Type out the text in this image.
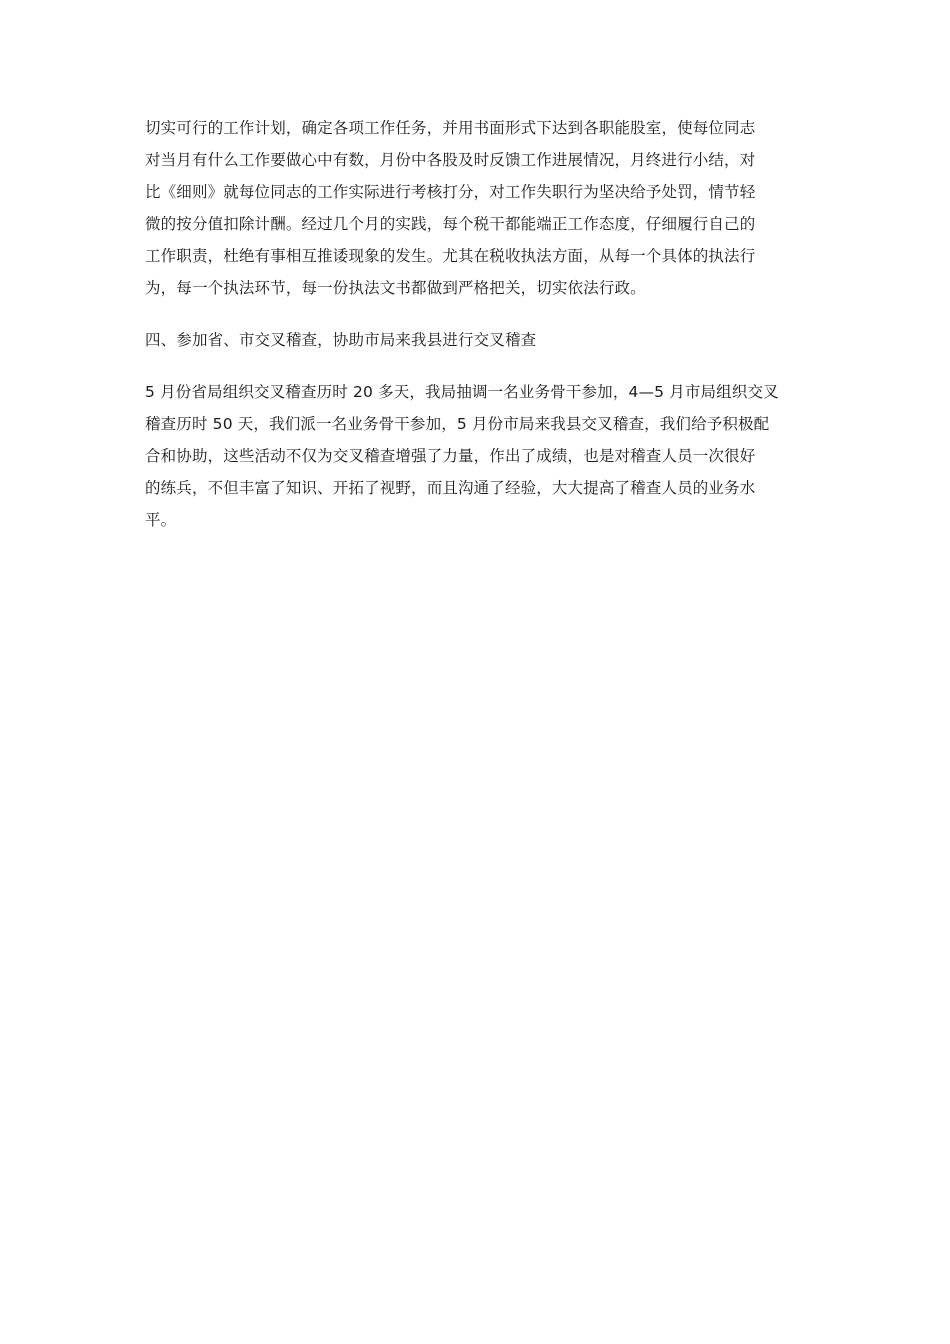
切实可行的工作计划，确定各项工作任务，并用书面形式下达到各职能股室，使每位同志
对当月有什么工作要做心中有数，月份中各股及时反馈工作进展情况，月终进行小结，对
比《细则》就每位同志的工作实际进行考核打分，对工作失职行为坚决给予处罚，情节轻
微的按分值扣除计酬。经过几个月的实践，每个税干都能端正工作态度，仔细履行自己的
工作职责，杜绝有事相互推诿现象的发生。尤其在税收执法方面，从每一个具体的执法行
为，每一个执法环节，每一份执法文书都做到严格把关，切实依法行政。

四、参加省、市交叉稽查，协助市局来我县进行交叉稽查

5 月份省局组织交叉稽查历时 20 多天，我局抽调一名业务骨干参加，4—5 月市局组织交叉
稽查历时 50 天，我们派一名业务骨干参加，5 月份市局来我县交叉稽查，我们给予积极配
合和协助，这些活动不仅为交叉稽查增强了力量，作出了成绩，也是对稽查人员一次很好
的练兵，不但丰富了知识、开拓了视野，而且沟通了经验，大大提高了稽查人员的业务水
平。
